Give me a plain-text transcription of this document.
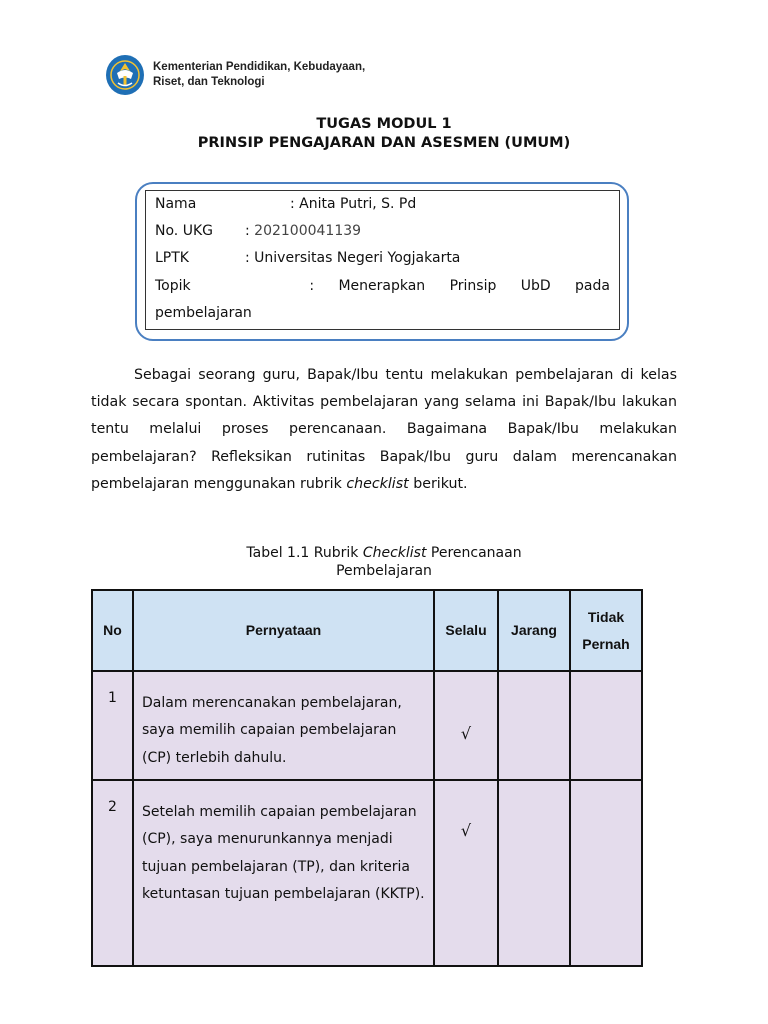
Kementerian Pendidikan, Kebudayaan,
Riset, dan Teknologi
TUGAS MODUL 1
PRINSIP PENGAJARAN DAN ASESMEN (UMUM)
Nama	: Anita Putri, S. Pd
No. UKG : 202100041139
LPTK	: Universitas Negeri Yogjakarta
Topik	: Menerapkan Prinsip UbD pada
pembelajaran
Sebagai seorang guru, Bapak/Ibu tentu melakukan pembelajaran di kelas tidak secara spontan. Aktivitas pembelajaran yang selama ini Bapak/Ibu lakukan tentu melalui proses perencanaan. Bagaimana Bapak/Ibu melakukan pembelajaran? Refleksikan rutinitas Bapak/Ibu guru dalam merencanakan pembelajaran menggunakan rubrik checklist berikut.
Tabel 1.1 Rubrik Checklist Perencanaan
Pembelajaran
No	Pernyataan	Selalu	Jarang	Tidak
Pernah
1	Dalam merencanakan pembelajaran, saya memilih capaian pembelajaran (CP) terlebih dahulu.	√		
2	Setelah memilih capaian pembelajaran (CP), saya menurunkannya menjadi tujuan pembelajaran (TP), dan kriteria ketuntasan tujuan pembelajaran (KKTP).	√		
